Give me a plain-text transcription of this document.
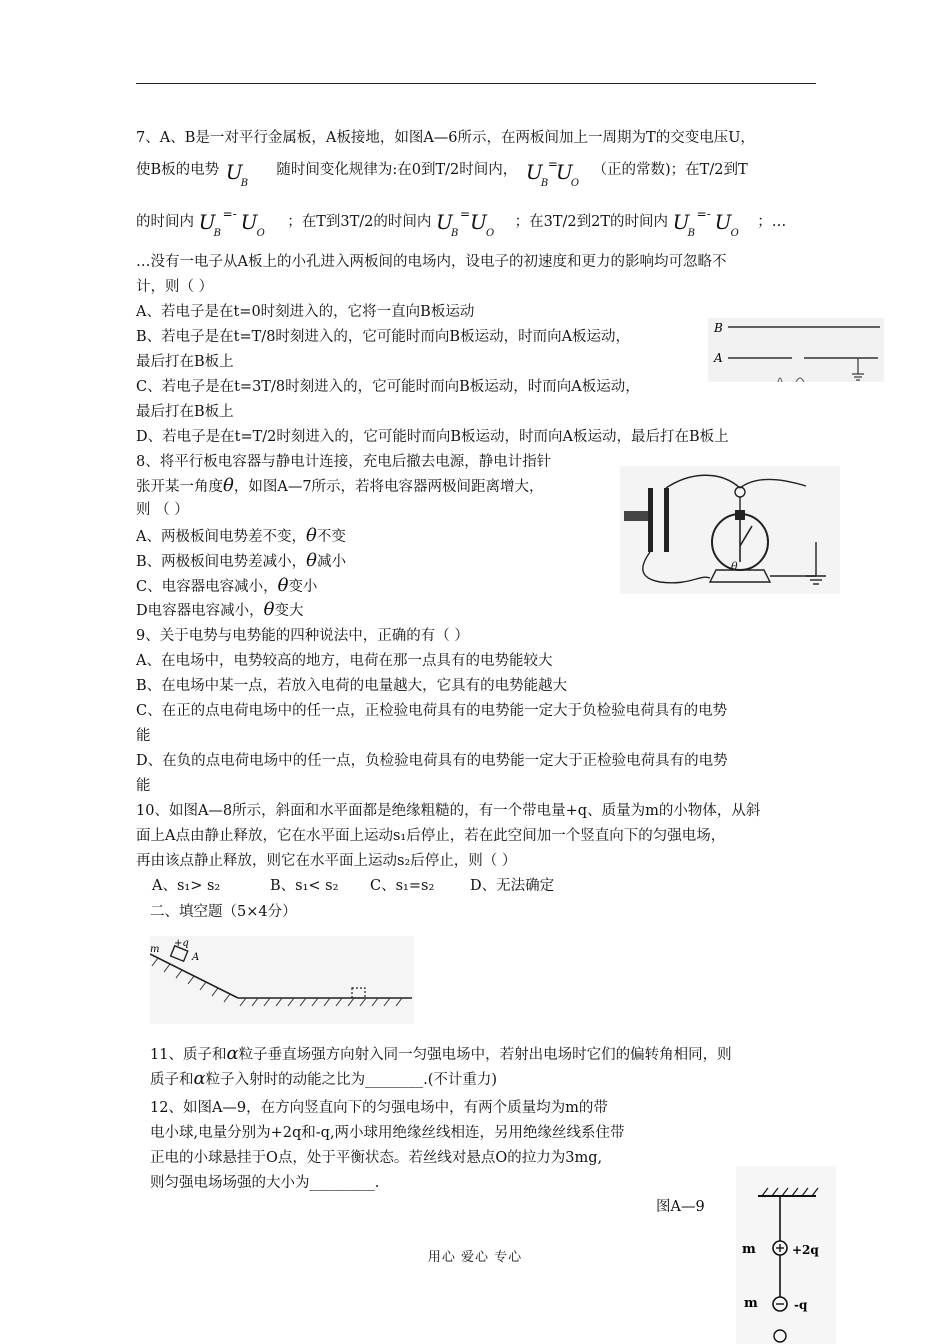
7、A、B是一对平行金属板，A板接地，如图A—6所示，在两板间加上一周期为T的交变电压U，
使B板的电势 U
B
随时间变化规律为:在0到T/2时间内， U
B
=
U
O
（正的常数)；在T/2到T
的时间内 U
B
=- U O
；在T到3T/2的时间内 U
B
= U O
；在3T/2到2T的时间内 U
B
=- U O
；…
…没有一电子从A板上的小孔进入两板间的电场内，设电子的初速度和更力的影响均可忽略不
计，则（ ）
A、若电子是在t=0时刻进入的，它将一直向B板运动
B、若电子是在t=T/8时刻进入的，它可能时而向B板运动，时而向A板运动，
最后打在B板上
C、若电子是在t=3T/8时刻进入的，它可能时而向B板运动，时而向A板运动，
最后打在B板上
D、若电子是在t=T/2时刻进入的，它可能时而向B板运动，时而向A板运动，最后打在B板上
B
A
8、将平行板电容器与静电计连接，充电后撤去电源，静电计指针
张开某一角度θ，如图A—7所示，若将电容器两极间距离增大，
则 （ ）
A、两极板间电势差不变，θ不变
B、两极板间电势差减小，θ减小
C、电容器电容减小，θ变小
D电容器电容减小，θ变大
θ
9、关于电势与电势能的四种说法中，正确的有（ ）
A、在电场中，电势较高的地方，电荷在那一点具有的电势能较大
B、在电场中某一点，若放入电荷的电量越大，它具有的电势能越大
C、在正的点电荷电场中的任一点，正检验电荷具有的电势能一定大于负检验电荷具有的电势
能
D、在负的点电荷电场中的任一点，负检验电荷具有的电势能一定大于正检验电荷具有的电势
能
10、如图A—8所示，斜面和水平面都是绝缘粗糙的，有一个带电量+q、质量为m的小物体，从斜
面上A点由静止释放，它在水平面上运动s₁后停止，若在此空间加一个竖直向下的匀强电场，
再由该点静止释放，则它在水平面上运动s₂后停止，则（ ）
A、s₁> s₂	B、s₁< s₂ C、s₁=s₂ D、无法确定
二、填空题（5×4分）
m
+q
A
11、质子和α粒子垂直场强方向射入同一匀强电场中，若射出电场时它们的偏转角相同，则
质子和α粒子入射时的动能之比为________.(不计重力)
12、如图A—9，在方向竖直向下的匀强电场中，有两个质量均为m的带
电小球,电量分别为+2q和-q,两小球用绝缘丝线相连，另用绝缘丝线系住带
正电的小球悬挂于O点，处于平衡状态。若丝线对悬点O的拉力为3mg,
则匀强电场场强的大小为_________.
图A—9
m	+2q
m	-q
用心 爱心 专心
